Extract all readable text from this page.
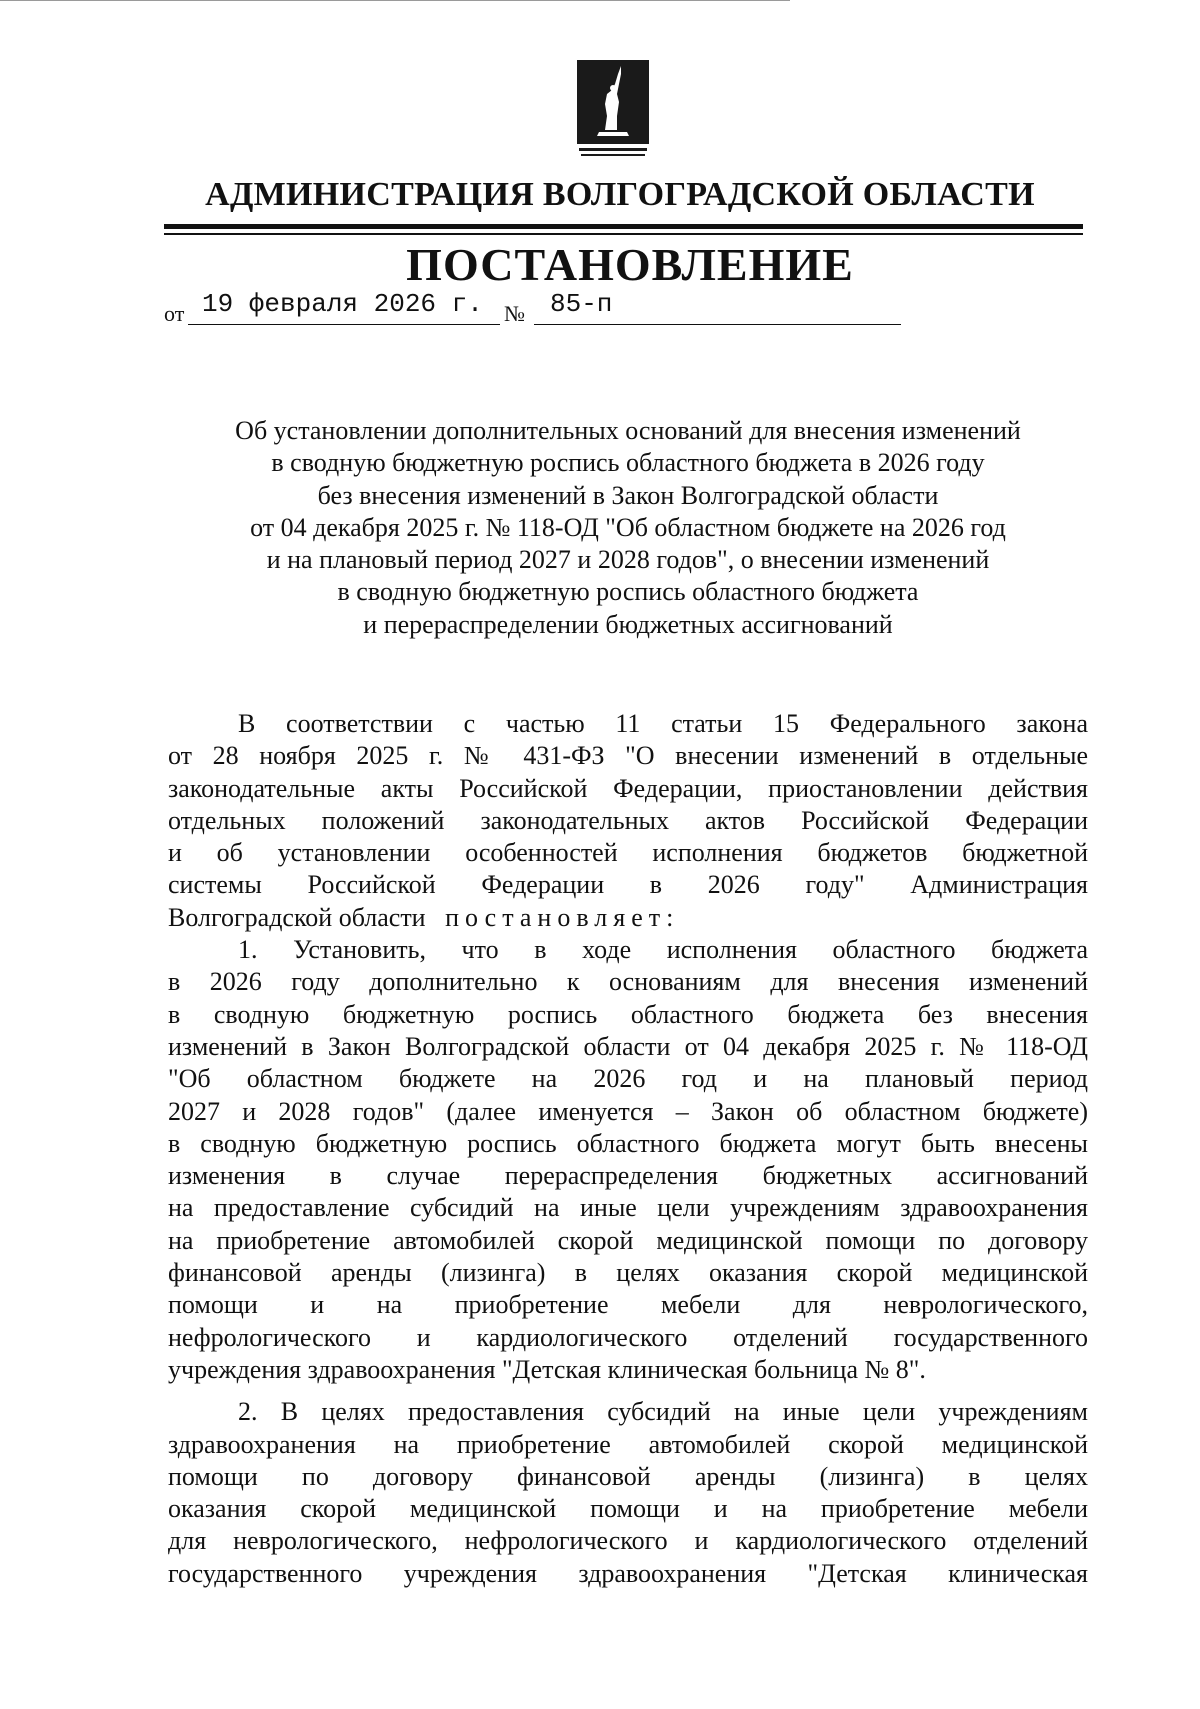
АДМИНИСТРАЦИЯ ВОЛГОГРАДСКОЙ ОБЛАСТИ
ПОСТАНОВЛЕНИЕ
от 19 февраля 2026 г. № 85-п
Об установлении дополнительных оснований для внесения изменений
в сводную бюджетную роспись областного бюджета в 2026 году
без внесения изменений в Закон Волгоградской области
от 04 декабря 2025 г. № 118-ОД "Об областном бюджете на 2026 год
и на плановый период 2027 и 2028 годов", о внесении изменений
в сводную бюджетную роспись областного бюджета
и перераспределении бюджетных ассигнований
В соответствии с частью 11 статьи 15 Федерального закона
от 28 ноября 2025 г. № 431-ФЗ "О внесении изменений в отдельные
законодательные акты Российской Федерации, приостановлении действия
отдельных положений законодательных актов Российской Федерации
и об установлении особенностей исполнения бюджетов бюджетной
системы Российской Федерации в 2026 году" Администрация
Волгоградской области постановляет:
1. Установить, что в ходе исполнения областного бюджета
в 2026 году дополнительно к основаниям для внесения изменений
в сводную бюджетную роспись областного бюджета без внесения
изменений в Закон Волгоградской области от 04 декабря 2025 г. № 118-ОД
"Об областном бюджете на 2026 год и на плановый период
2027 и 2028 годов" (далее именуется – Закон об областном бюджете)
в сводную бюджетную роспись областного бюджета могут быть внесены
изменения в случае перераспределения бюджетных ассигнований
на предоставление субсидий на иные цели учреждениям здравоохранения
на приобретение автомобилей скорой медицинской помощи по договору
финансовой аренды (лизинга) в целях оказания скорой медицинской
помощи и на приобретение мебели для неврологического,
нефрологического и кардиологического отделений государственного
учреждения здравоохранения "Детская клиническая больница № 8".
2. В целях предоставления субсидий на иные цели учреждениям
здравоохранения на приобретение автомобилей скорой медицинской
помощи по договору финансовой аренды (лизинга) в целях
оказания скорой медицинской помощи и на приобретение мебели
для неврологического, нефрологического и кардиологического отделений
государственного учреждения здравоохранения "Детская клиническая
